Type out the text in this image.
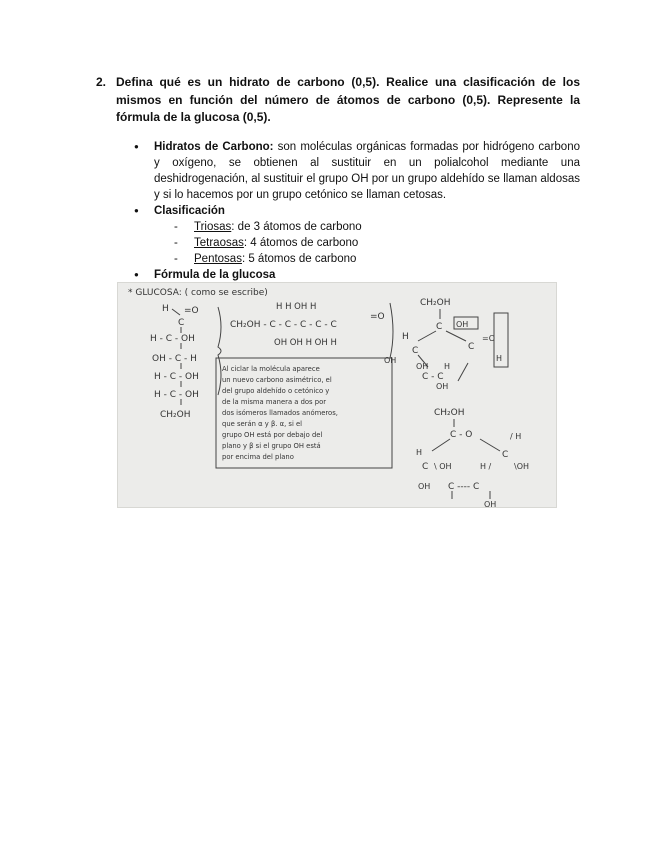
2. Defina qué es un hidrato de carbono (0,5). Realice una clasificación de los mismos en función del número de átomos de carbono (0,5). Represente la fórmula de la glucosa (0,5).
● Hidratos de Carbono: son moléculas orgánicas formadas por hidrógeno carbono y oxígeno, se obtienen al sustituir en un polialcohol mediante una deshidrogenación, al sustituir el grupo OH por un grupo aldehído se llaman aldosas y si lo hacemos por un grupo cetónico se llaman cetosas.
● Clasificación
- Triosas: de 3 átomos de carbono
- Tetraosas: 4 átomos de carbono
- Pentosas: 5 átomos de carbono
● Fórmula de la glucosa
* GLUCOSA: ( como se escribe)
H =O
C
H - C - OH
OH - C - H
H - C - OH
H - C - OH
CH₂OH
H H OH H
CH₂OH - C - C - C - C - C
=O
OH OH H OH H
Al ciclar la molécula aparece
un nuevo carbono asimétrico, el
del grupo aldehído o cetónico y
de la misma manera a dos por
dos isómeros llamados anómeros,
que serán α y β. α, si el
grupo OH está por debajo del
plano y β si el grupo OH está
por encima del plano
CH₂OH
C OH
H
C	C
=O
H
OH
C - C
OH H
OH
CH₂OH
C - O	/ H
H
C
C
\OH
\ OH	H /
C ---- C
OH
OH
